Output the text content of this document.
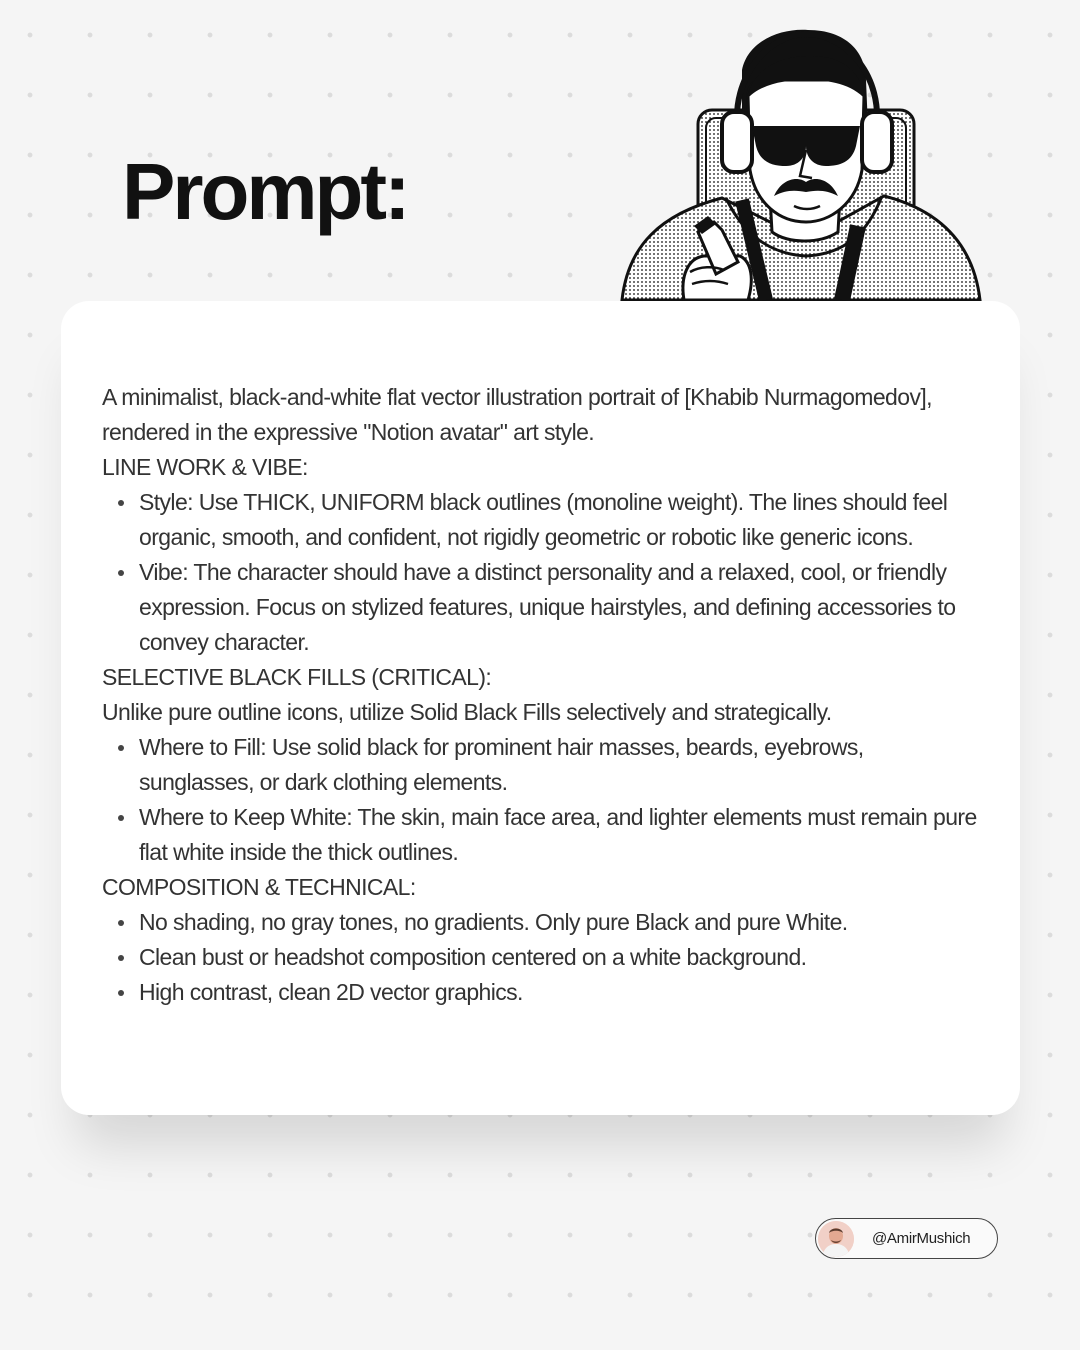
Prompt:

A minimalist, black-and-white flat vector illustration portrait of [Khabib Nurmagomedov], rendered in the expressive "Notion avatar" art style.

LINE WORK & VIBE:

Style: Use THICK, UNIFORM black outlines (monoline weight). The lines should feel organic, smooth, and confident, not rigidly geometric or robotic like generic icons.
Vibe: The character should have a distinct personality and a relaxed, cool, or friendly expression. Focus on stylized features, unique hairstyles, and defining accessories to convey character.

SELECTIVE BLACK FILLS (CRITICAL):

Unlike pure outline icons, utilize Solid Black Fills selectively and strategically.

Where to Fill: Use solid black for prominent hair masses, beards, eyebrows, sunglasses, or dark clothing elements.
Where to Keep White: The skin, main face area, and lighter elements must remain pure flat white inside the thick outlines.

COMPOSITION & TECHNICAL:

No shading, no gray tones, no gradients. Only pure Black and pure White.
Clean bust or headshot composition centered on a white background.
High contrast, clean 2D vector graphics.
@AmirMushich
